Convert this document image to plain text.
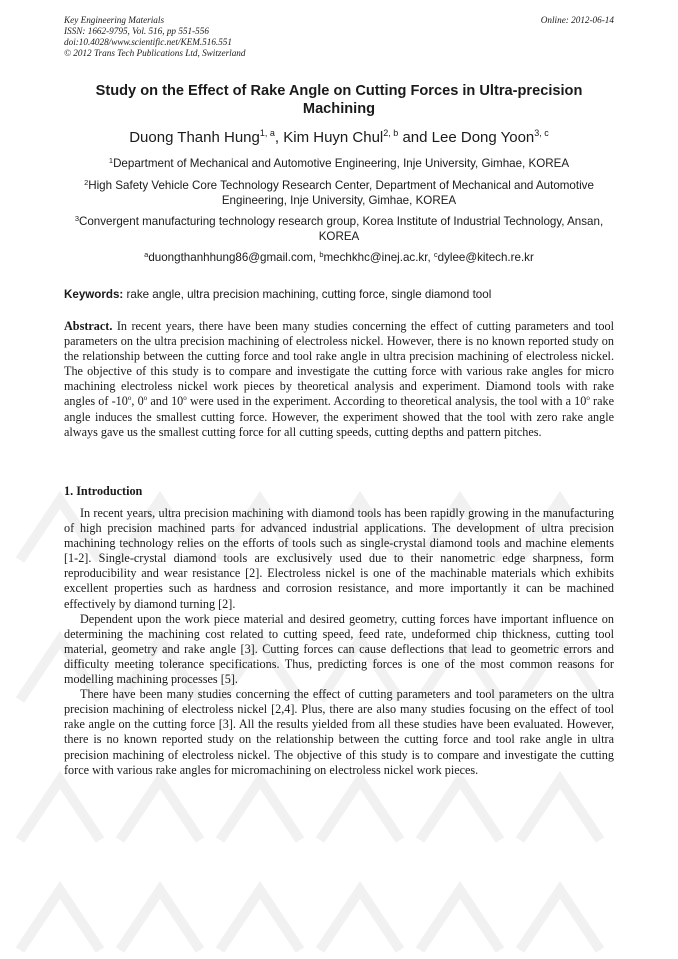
Key Engineering Materials
ISSN: 1662-9795, Vol. 516, pp 551-556
doi:10.4028/www.scientific.net/KEM.516.551
© 2012 Trans Tech Publications Ltd, Switzerland
Online: 2012-06-14
Study on the Effect of Rake Angle on Cutting Forces in Ultra-precision Machining
Duong Thanh Hung$^{1, a}$, Kim Huyn Chul$^{2, b}$ and Lee Dong Yoon$^{3, c}$
$^1$Department of Mechanical and Automotive Engineering, Inje University, Gimhae, KOREA
$^2$High Safety Vehicle Core Technology Research Center, Department of Mechanical and Automotive Engineering, Inje University, Gimhae, KOREA
$^3$Convergent manufacturing technology research group, Korea Institute of Industrial Technology, Ansan, KOREA
$^a$duongthanhhung86@gmail.com, $^b$mechkhc@inej.ac.kr, $^c$dylee@kitech.re.kr
Keywords: rake angle, ultra precision machining, cutting force, single diamond tool

Abstract. In recent years, there have been many studies concerning the effect of cutting parameters and tool parameters on the ultra precision machining of electroless nickel. However, there is no known reported study on the relationship between the cutting force and tool rake angle in ultra precision machining of electroless nickel. The objective of this study is to compare and investigate the cutting force with various rake angles for micro machining electroless nickel work pieces by theoretical analysis and experiment. Diamond tools with rake angles of -10$^o$, 0$^o$ and 10$^o$ were used in the experiment. According to theoretical analysis, the tool with a 10$^o$ rake angle induces the smallest cutting force. However, the experiment showed that the tool with zero rake angle always gave us the smallest cutting force for all cutting speeds, cutting depths and pattern pitches.

1. Introduction

In recent years, ultra precision machining with diamond tools has been rapidly growing in the manufacturing of high precision machined parts for advanced industrial applications. The development of ultra precision machining technology relies on the efforts of tools such as single-crystal diamond tools and machine elements [1-2]. Single-crystal diamond tools are exclusively used due to their nanometric edge sharpness, form reproducibility and wear resistance [2]. Electroless nickel is one of the machinable materials which exhibits excellent properties such as hardness and corrosion resistance, and more importantly it can be machined effectively by diamond turning [2].

Dependent upon the work piece material and desired geometry, cutting forces have important influence on determining the machining cost related to cutting speed, feed rate, undeformed chip thickness, cutting tool material, geometry and rake angle [3]. Cutting forces can cause deflections that lead to geometric errors and difficulty meeting tolerance specifications. Thus, predicting forces is one of the most common reasons for modelling machining processes [5].

There have been many studies concerning the effect of cutting parameters and tool parameters on the ultra precision machining of electroless nickel [2,4]. Plus, there are also many studies focusing on the effect of tool rake angle on the cutting force [3]. All the results yielded from all these studies have been evaluated. However, there is no known reported study on the relationship between the cutting force and tool rake angle in ultra precision machining of electroless nickel. The objective of this study is to compare and investigate the cutting force with various rake angles for micromachining on electroless nickel work pieces.
